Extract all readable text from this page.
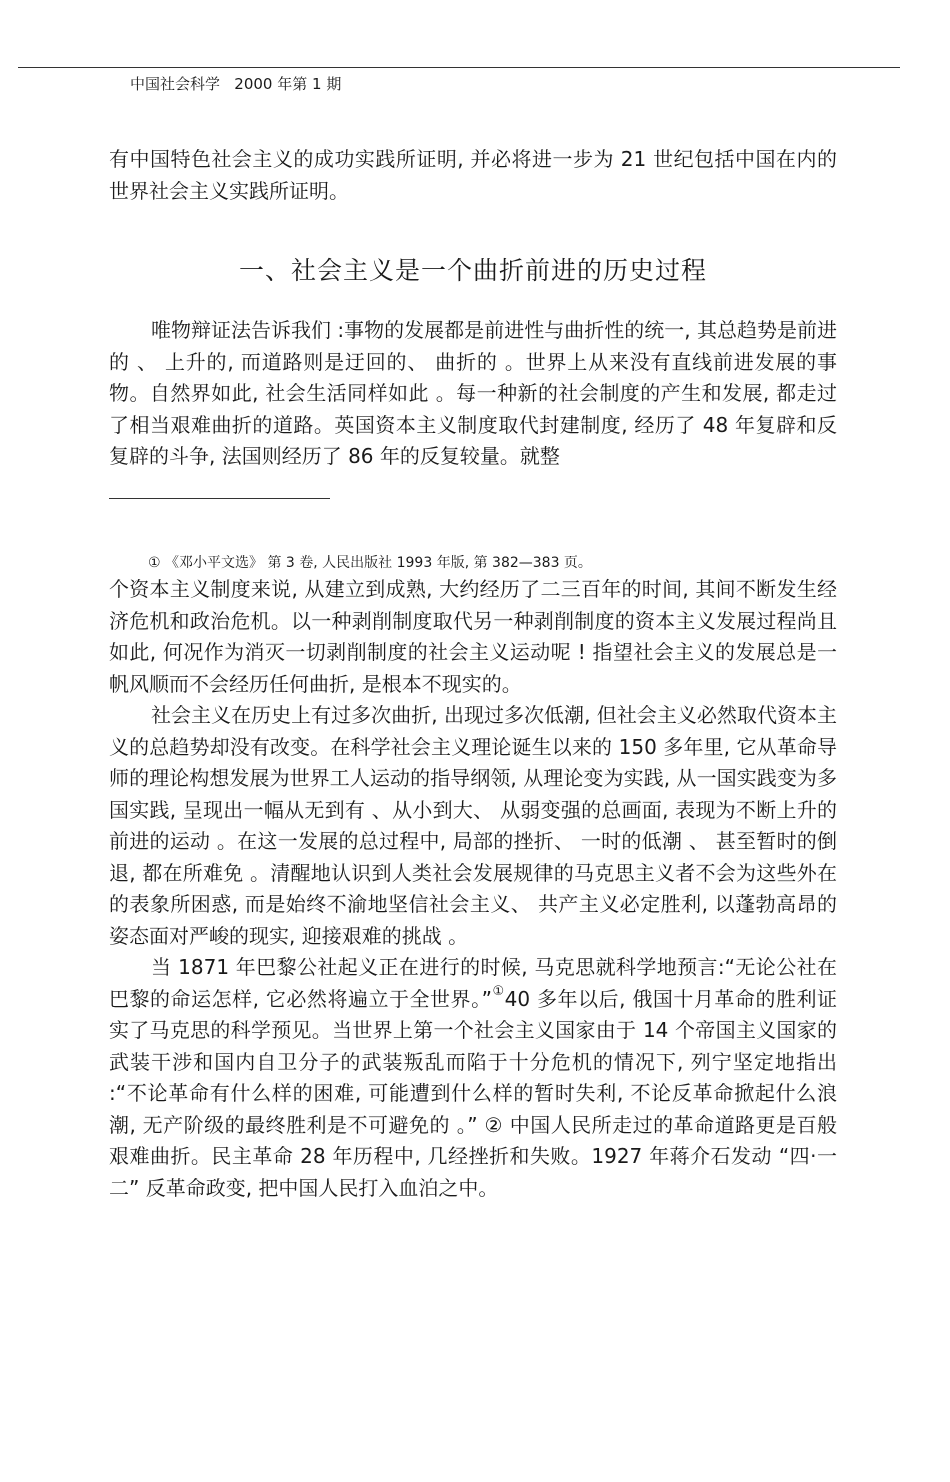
中国社会科学   2000 年第 1 期

有中国特色社会主义的成功实践所证明, 并必将进一步为 21 世纪包括中国在内的世界社会主义实践所证明。

一、社会主义是一个曲折前进的历史过程

唯物辩证法告诉我们 :事物的发展都是前进性与曲折性的统一, 其总趋势是前进的 、 上升的, 而道路则是迂回的、 曲折的 。世界上从来没有直线前进发展的事物。自然界如此, 社会生活同样如此 。每一种新的社会制度的产生和发展, 都走过了相当艰难曲折的道路。英国资本主义制度取代封建制度, 经历了 48 年复辟和反复辟的斗争, 法国则经历了 86 年的反复较量。就整

① 《邓小平文选》 第 3 卷, 人民出版社 1993 年版, 第 382—383 页。

个资本主义制度来说, 从建立到成熟, 大约经历了二三百年的时间, 其间不断发生经济危机和政治危机。以一种剥削制度取代另一种剥削制度的资本主义发展过程尚且如此, 何况作为消灭一切剥削制度的社会主义运动呢 ! 指望社会主义的发展总是一帆风顺而不会经历任何曲折, 是根本不现实的。

社会主义在历史上有过多次曲折, 出现过多次低潮, 但社会主义必然取代资本主义的总趋势却没有改变。在科学社会主义理论诞生以来的 150 多年里, 它从革命导师的理论构想发展为世界工人运动的指导纲领, 从理论变为实践, 从一国实践变为多国实践, 呈现出一幅从无到有 、从小到大、 从弱变强的总画面, 表现为不断上升的前进的运动 。在这一发展的总过程中, 局部的挫折、 一时的低潮 、 甚至暂时的倒退, 都在所难免 。清醒地认识到人类社会发展规律的马克思主义者不会为这些外在的表象所困惑, 而是始终不渝地坚信社会主义、 共产主义必定胜利, 以蓬勃高昂的姿态面对严峻的现实, 迎接艰难的挑战 。

当 1871 年巴黎公社起义正在进行的时候, 马克思就科学地预言:“无论公社在巴黎的命运怎样, 它必然将遍立于全世界。”①40 多年以后, 俄国十月革命的胜利证实了马克思的科学预见。当世界上第一个社会主义国家由于 14 个帝国主义国家的武装干涉和国内自卫分子的武装叛乱而陷于十分危机的情况下, 列宁坚定地指出 :“不论革命有什么样的困难, 可能遭到什么样的暂时失利, 不论反革命掀起什么浪潮, 无产阶级的最终胜利是不可避免的 。” ② 中国人民所走过的革命道路更是百般艰难曲折。民主革命 28 年历程中, 几经挫折和失败。1927 年蒋介石发动 “四·一二” 反革命政变, 把中国人民打入血泊之中。
